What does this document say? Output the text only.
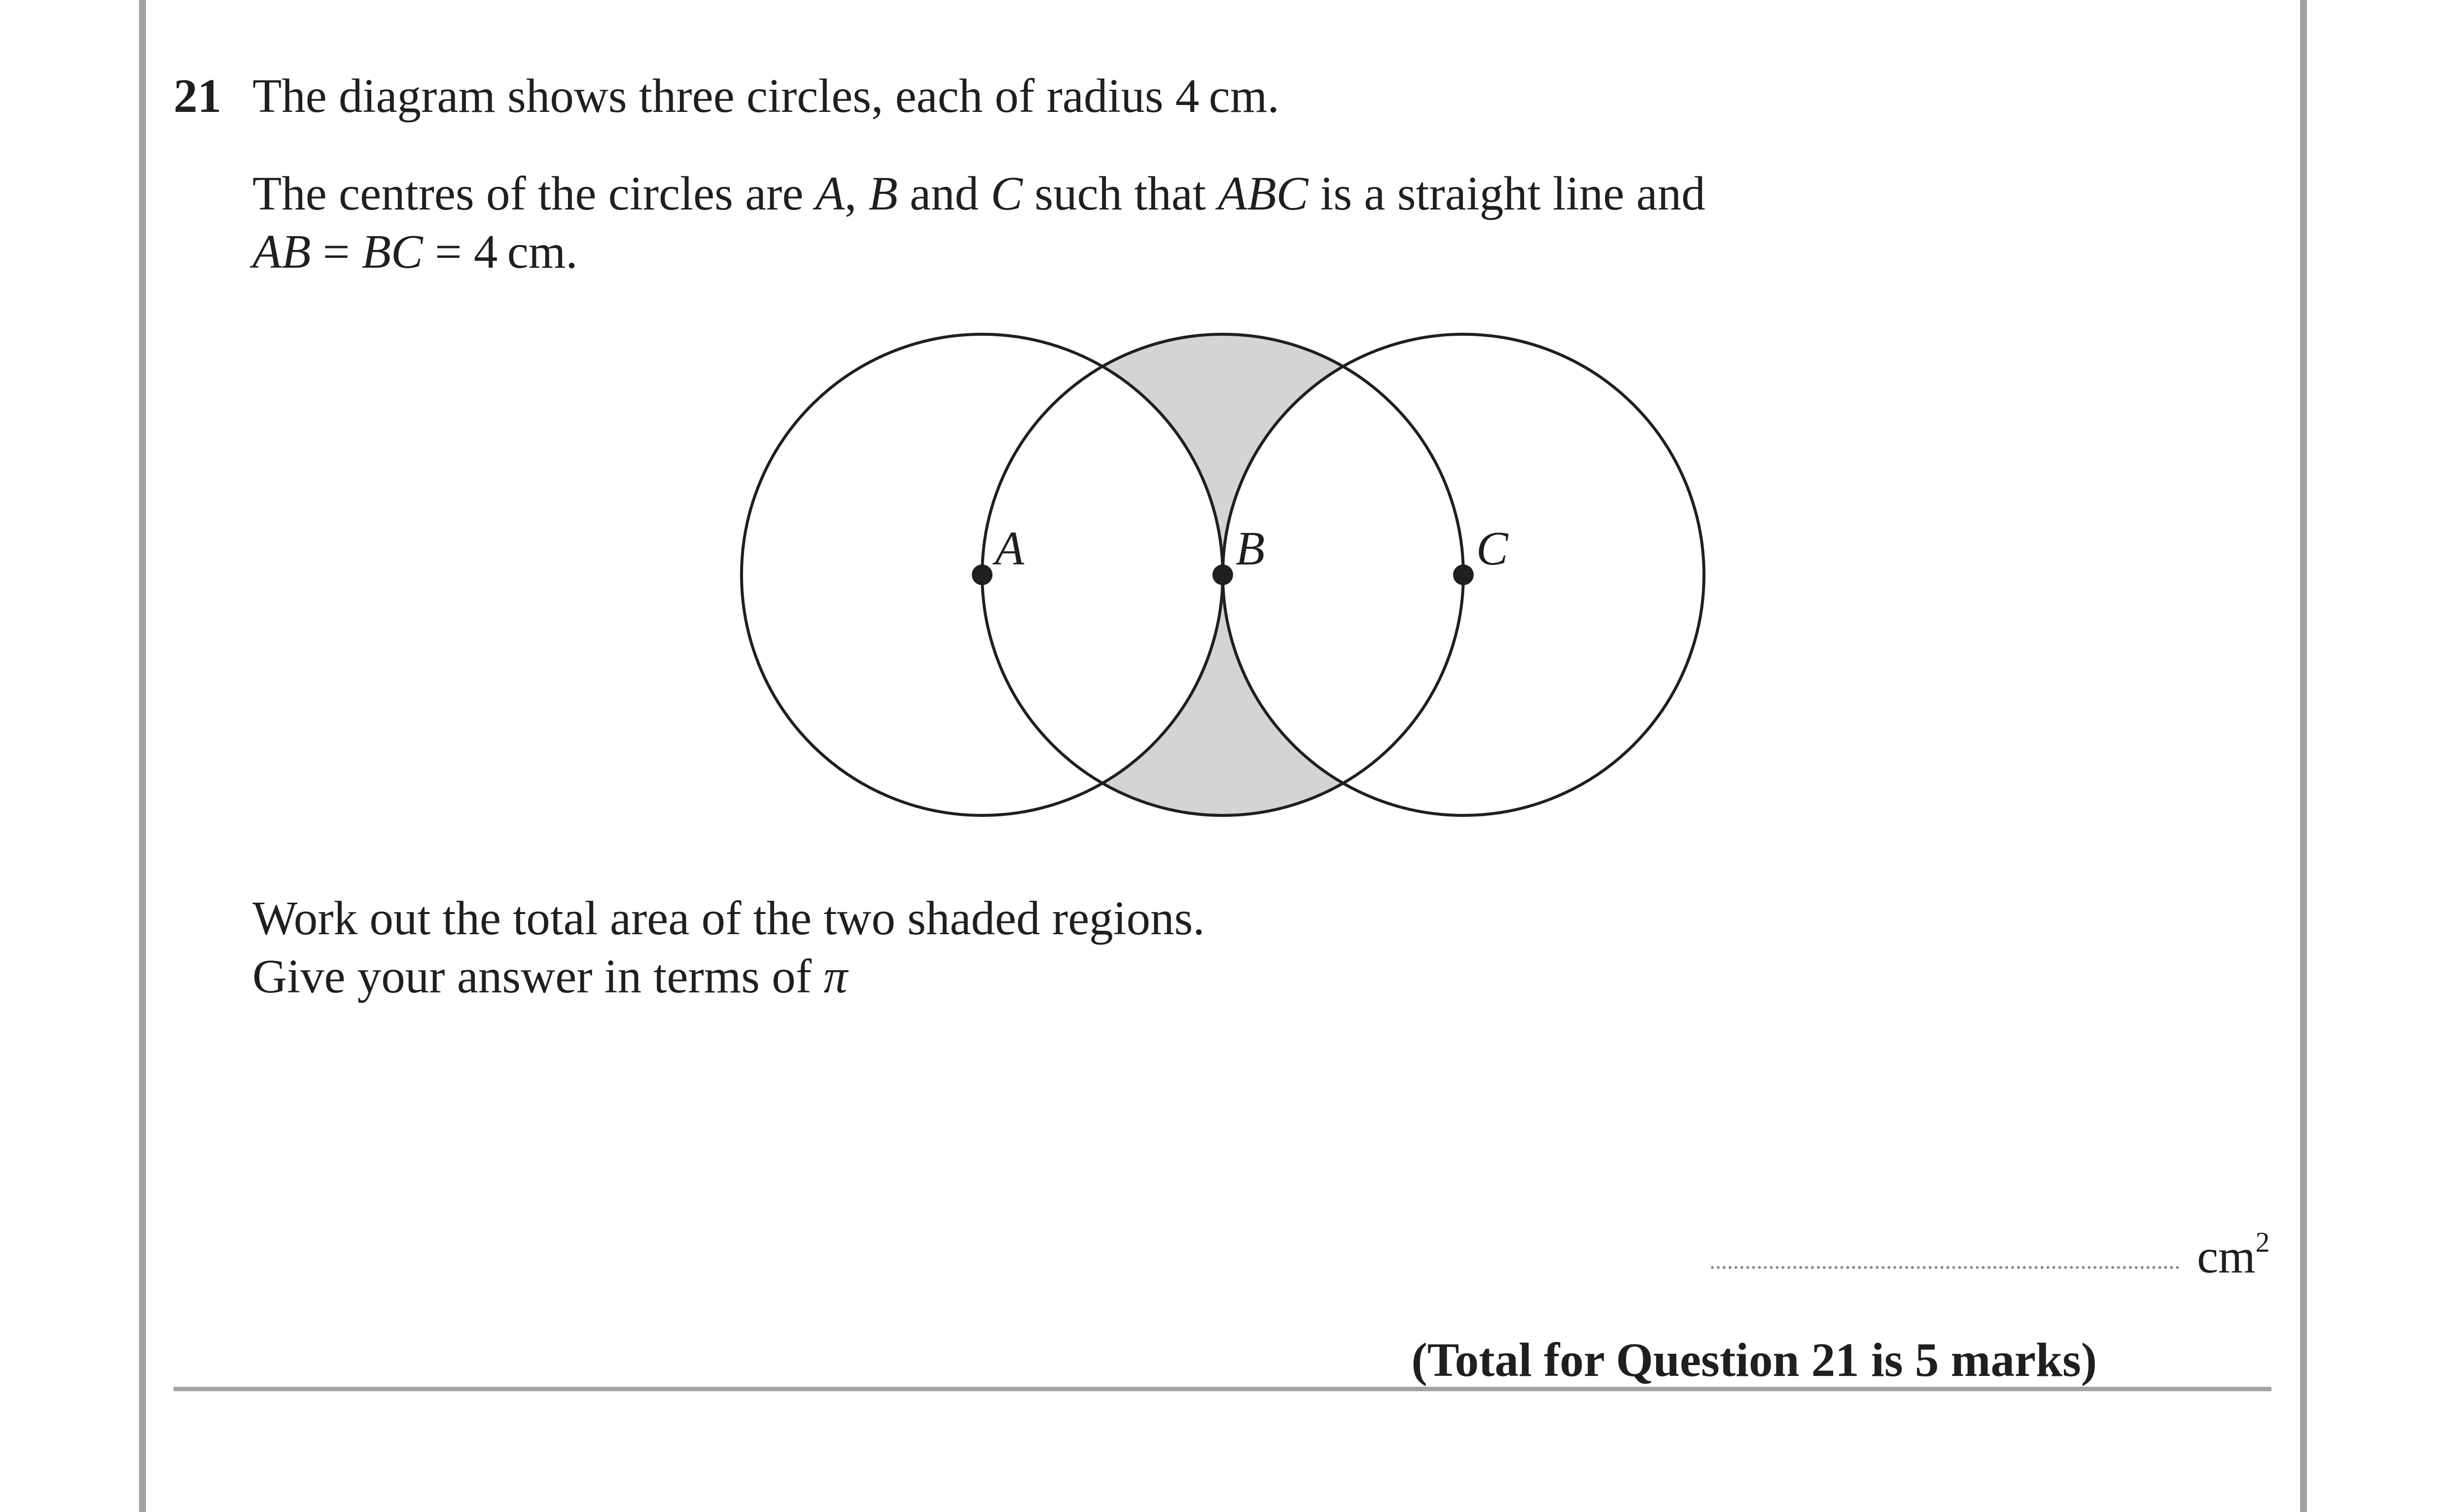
21 The diagram shows three circles, each of radius 4 cm.
The centres of the circles are A, B and C such that ABC is a straight line and
AB = BC = 4 cm.
A	B	C
Work out the total area of the two shaded regions.
Give your answer in terms of π
$cm^2$
(Total for Question 21 is 5 marks)
